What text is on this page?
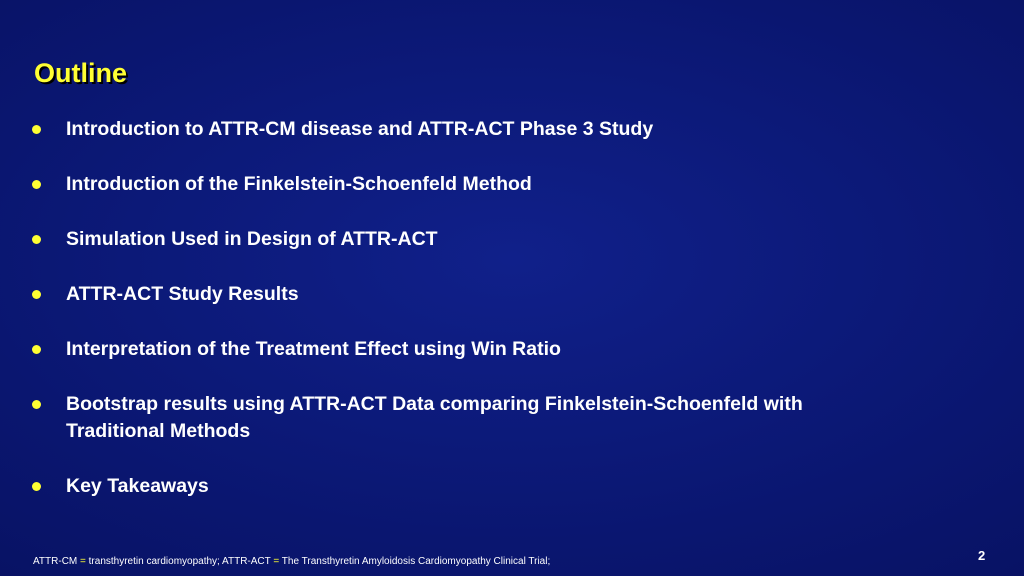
Outline
Introduction to ATTR-CM disease and ATTR-ACT Phase 3 Study
Introduction of the Finkelstein-Schoenfeld Method
Simulation Used in Design of ATTR-ACT
ATTR-ACT Study Results
Interpretation of the Treatment Effect using Win Ratio
Bootstrap results using ATTR-ACT Data comparing Finkelstein-Schoenfeld with
Traditional Methods
Key Takeaways
ATTR-CM = transthyretin cardiomyopathy; ATTR-ACT = The Transthyretin Amyloidosis Cardiomyopathy Clinical Trial;	2
